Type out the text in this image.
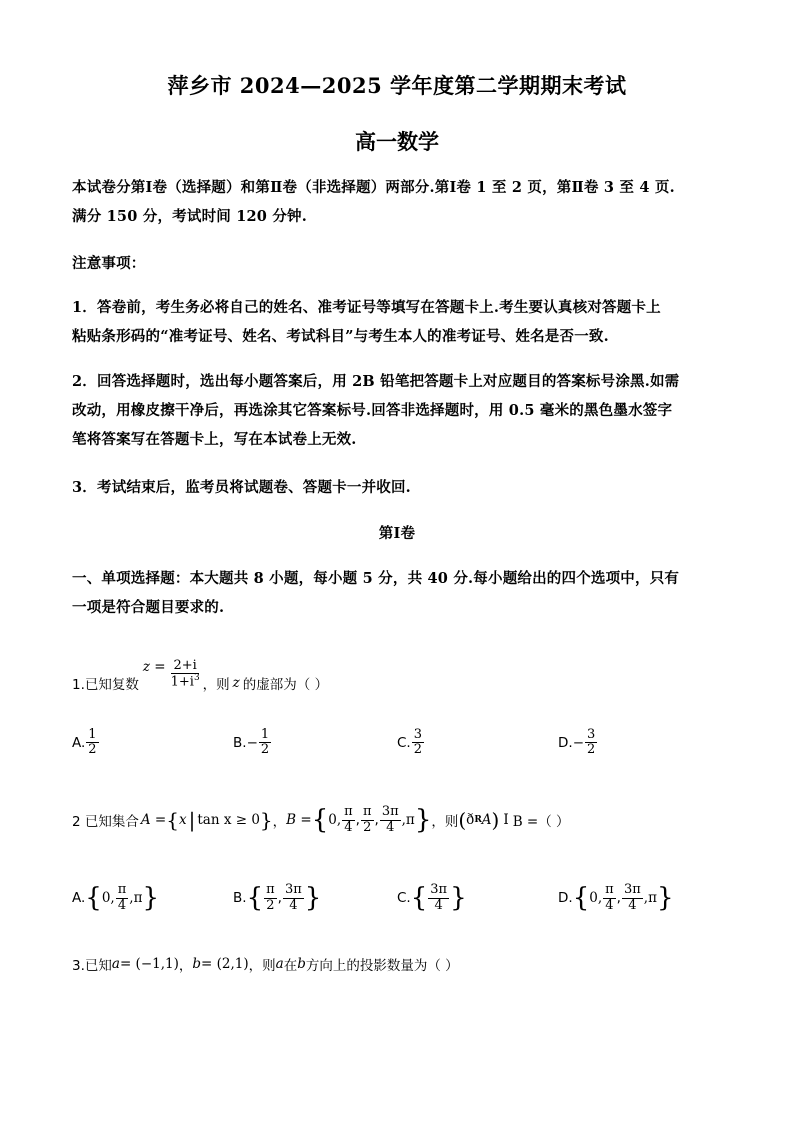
萍乡市 2024—2025 学年度第二学期期末考试
高一数学
本试卷分第Ⅰ卷（选择题）和第Ⅱ卷（非选择题）两部分.第Ⅰ卷 1 至 2 页，第Ⅱ卷 3 至 4 页.
满分 150 分，考试时间 120 分钟.
注意事项：
1．答卷前，考生务必将自己的姓名、准考证号等填写在答题卡上.考生要认真核对答题卡上
粘贴条形码的“准考证号、姓名、考试科目”与考生本人的准考证号、姓名是否一致.
2．回答选择题时，选出每小题答案后，用 2B 铅笔把答题卡上对应题目的答案标号涂黑.如需
改动，用橡皮擦干净后，再选涂其它答案标号.回答非选择题时，用 0.5 毫米的黑色墨水签字
笔将答案写在答题卡上，写在本试卷上无效.
3．考试结束后，监考员将试题卷、答题卡一并收回.
第Ⅰ卷
一、单项选择题：本大题共 8 小题，每小题 5 分，共 40 分.每小题给出的四个选项中，只有
一项是符合题目要求的.
1.已知复数
$z = \frac{2+i}{1+i^3}$ ，则 z 的虚部为（ ）
A. $\frac{1}{2}$	B. − $\frac{1}{2}$	C. $\frac{3}{2}$	D. − $\frac{3}{2}$
2 已知集合 A = { x | tan x ≥ 0 } ， B = { 0, $\frac{\pi}{4}$ , $\frac{\pi}{2}$ , $\frac{3\pi}{4} ,\pi$ } ，则 ( ð R A ) I B =（ ）
A. { 0, $\frac{\pi}{4} ,\pi$ }	B. { $\frac{\pi}{2}$ , $\frac{3\pi}{4}$ }	C. { $\frac{3\pi}{4}$ }	D. { 0, $\frac{\pi}{4}$ , $\frac{3\pi}{4} ,\pi$ }
3.已知 a = (−1,1) ， b = (2,1) ，则 a 在 b 方向上的投影数量为（ ）
